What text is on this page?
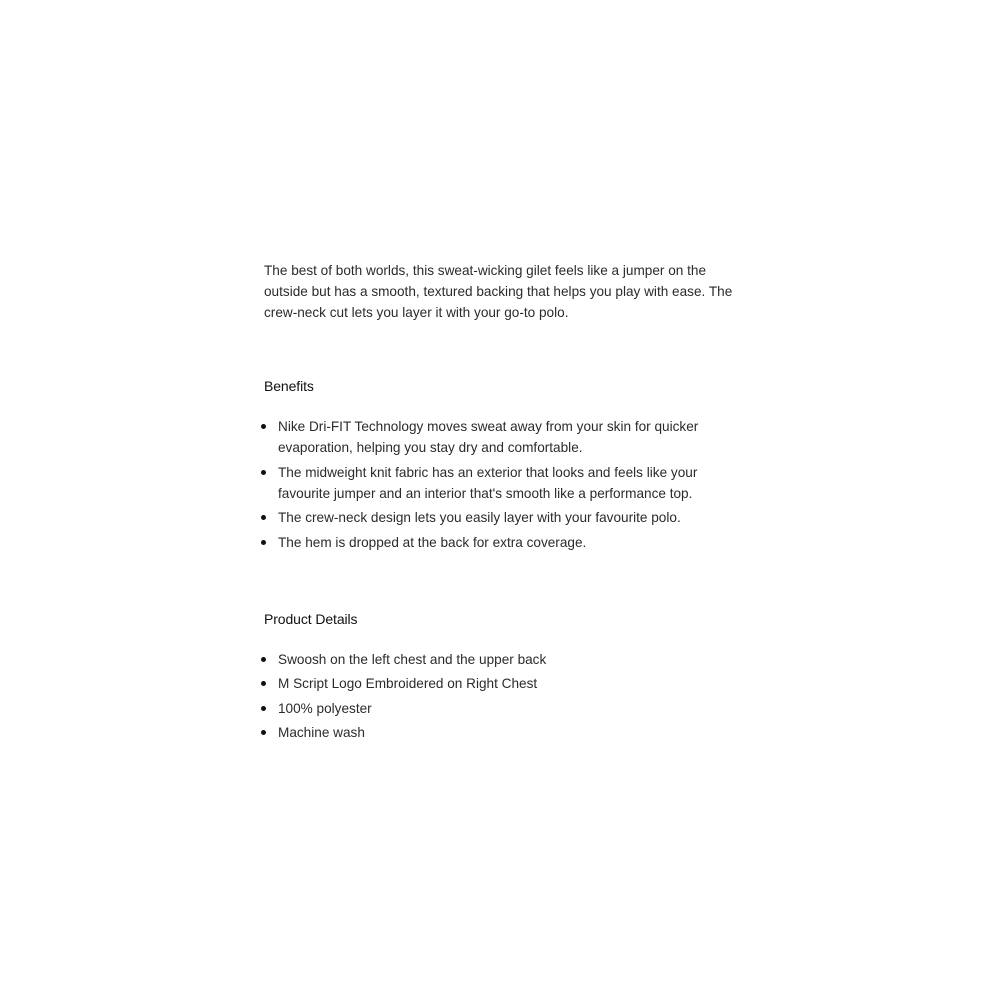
The best of both worlds, this sweat-wicking gilet feels like a jumper on the outside but has a smooth, textured backing that helps you play with ease. The crew-neck cut lets you layer it with your go-to polo.

Benefits
Nike Dri-FIT Technology moves sweat away from your skin for quicker evaporation, helping you stay dry and comfortable.
The midweight knit fabric has an exterior that looks and feels like your favourite jumper and an interior that's smooth like a performance top.
The crew-neck design lets you easily layer with your favourite polo.
The hem is dropped at the back for extra coverage.
Product Details
Swoosh on the left chest and the upper back
M Script Logo Embroidered on Right Chest
100% polyester
Machine wash
